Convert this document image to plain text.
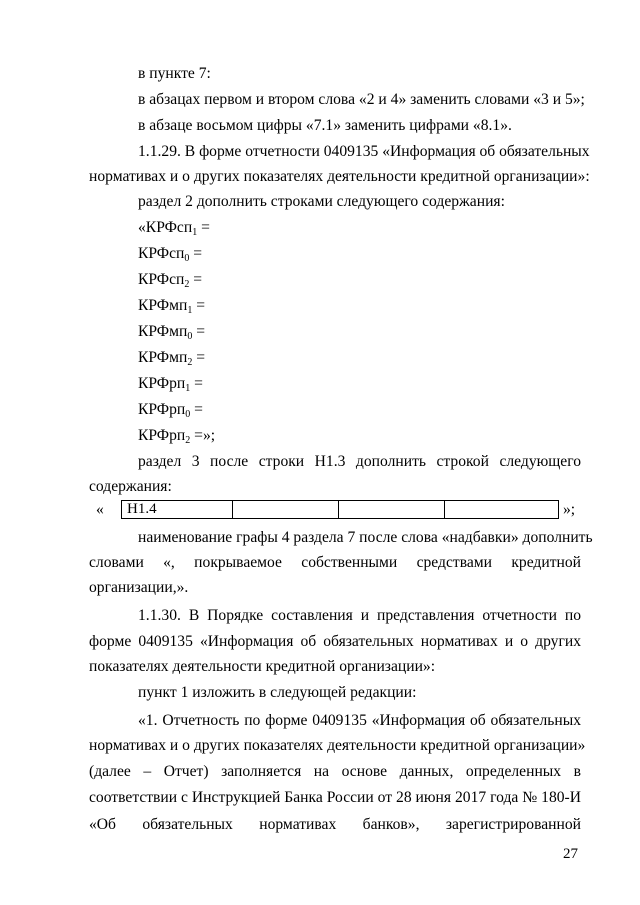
в пункте 7:
в абзацах первом и втором слова «2 и 4» заменить словами «3 и 5»;
в абзаце восьмом цифры «7.1» заменить цифрами «8.1».
1.1.29. В форме отчетности 0409135 «Информация об обязательных
нормативах и о других показателях деятельности кредитной организации»:
раздел 2 дополнить строками следующего содержания:
«КРФсп$_1$ =
КРФсп$_0$ =
КРФсп$_2$ =
КРФмп$_1$ =
КРФмп$_0$ =
КРФмп$_2$ =
КРФрп$_1$ =
КРФрп$_0$ =
КРФрп$_2$ =»;
раздел 3 после строки Н1.3 дополнить строкой следующего
содержания:
« Н1.4				»;
наименование графы 4 раздела 7 после слова «надбавки» дополнить
словами «, покрываемое собственными средствами кредитной
организации,».
1.1.30. В Порядке составления и представления отчетности по
форме 0409135 «Информация об обязательных нормативах и о других
показателях деятельности кредитной организации»:
пункт 1 изложить в следующей редакции:
«1. Отчетность по форме 0409135 «Информация об обязательных
нормативах и о других показателях деятельности кредитной организации»
(далее – Отчет) заполняется на основе данных, определенных в
соответствии с Инструкцией Банка России от 28 июня 2017 года № 180-И
«Об обязательных нормативах банков», зарегистрированной
27
